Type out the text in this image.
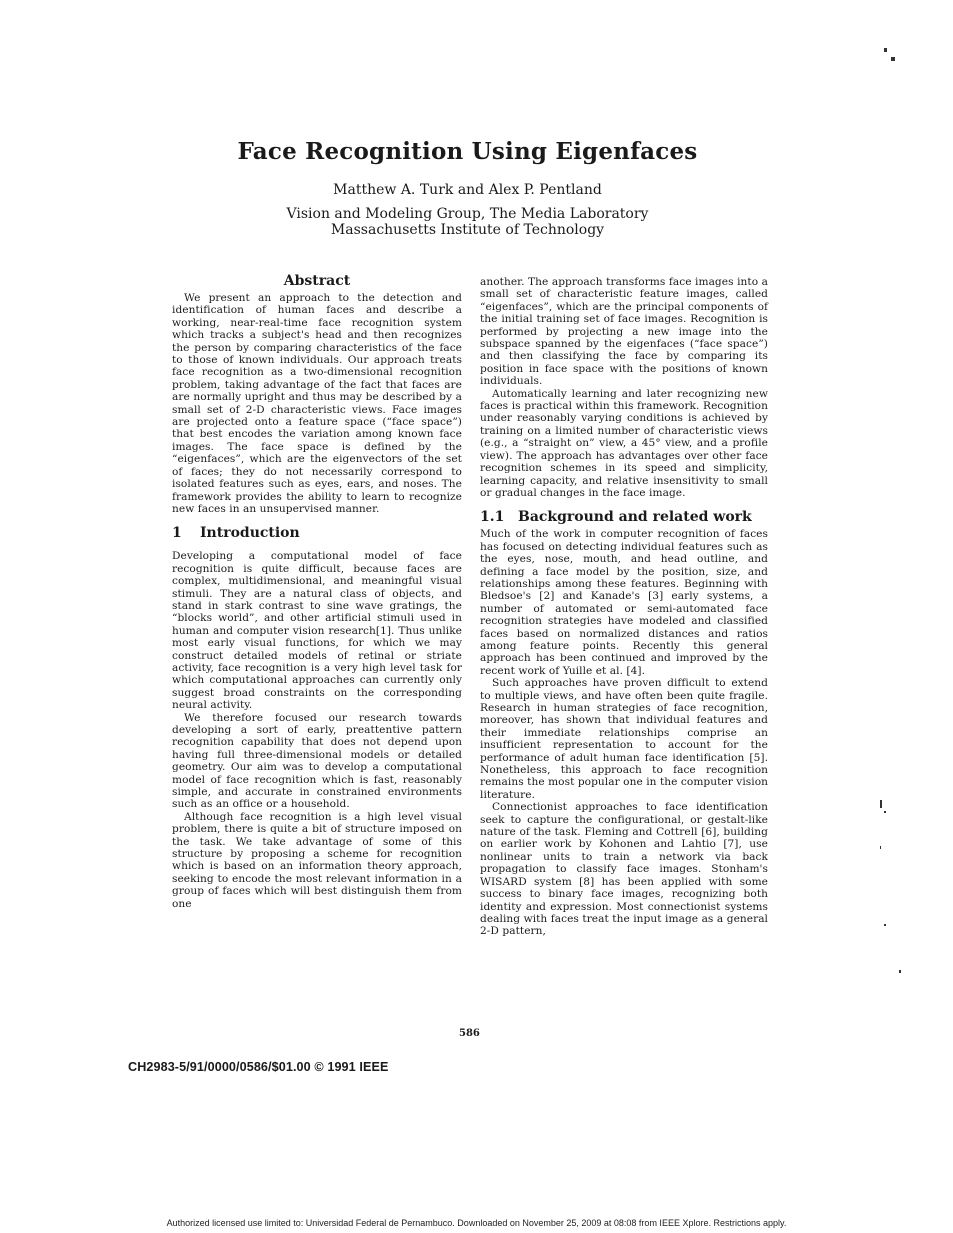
Face Recognition Using Eigenfaces
Matthew A. Turk and Alex P. Pentland
Vision and Modeling Group, The Media Laboratory
Massachusetts Institute of Technology
Abstract

We present an approach to the detection and identification of human faces and describe a working, near-real-time face recognition system which tracks a subject's head and then recognizes the person by comparing characteristics of the face to those of known individuals. Our approach treats face recognition as a two-dimensional recognition problem, taking advantage of the fact that faces are are normally upright and thus may be described by a small set of 2-D characteristic views. Face images are projected onto a feature space (“face space”) that best encodes the variation among known face images. The face space is defined by the “eigenfaces”, which are the eigenvectors of the set of faces; they do not necessarily correspond to isolated features such as eyes, ears, and noses. The framework provides the ability to learn to recognize new faces in an unsupervised manner.

1 Introduction

Developing a computational model of face recognition is quite difficult, because faces are complex, multidimensional, and meaningful visual stimuli. They are a natural class of objects, and stand in stark contrast to sine wave gratings, the “blocks world”, and other artificial stimuli used in human and computer vision research[1]. Thus unlike most early visual functions, for which we may construct detailed models of retinal or striate activity, face recognition is a very high level task for which computational approaches can currently only suggest broad constraints on the corresponding neural activity.

We therefore focused our research towards developing a sort of early, preattentive pattern recognition capability that does not depend upon having full three-dimensional models or detailed geometry. Our aim was to develop a computational model of face recognition which is fast, reasonably simple, and accurate in constrained environments such as an office or a household.

Although face recognition is a high level visual problem, there is quite a bit of structure imposed on the task. We take advantage of some of this structure by proposing a scheme for recognition which is based on an information theory approach, seeking to encode the most relevant information in a group of faces which will best distinguish them from one

another. The approach transforms face images into a small set of characteristic feature images, called “eigenfaces”, which are the principal components of the initial training set of face images. Recognition is performed by projecting a new image into the subspace spanned by the eigenfaces (“face space”) and then classifying the face by comparing its position in face space with the positions of known individuals.

Automatically learning and later recognizing new faces is practical within this framework. Recognition under reasonably varying conditions is achieved by training on a limited number of characteristic views (e.g., a “straight on” view, a 45° view, and a profile view). The approach has advantages over other face recognition schemes in its speed and simplicity, learning capacity, and relative insensitivity to small or gradual changes in the face image.

1.1 Background and related work

Much of the work in computer recognition of faces has focused on detecting individual features such as the eyes, nose, mouth, and head outline, and defining a face model by the position, size, and relationships among these features. Beginning with Bledsoe's [2] and Kanade's [3] early systems, a number of automated or semi-automated face recognition strategies have modeled and classified faces based on normalized distances and ratios among feature points. Recently this general approach has been continued and improved by the recent work of Yuille et al. [4].

Such approaches have proven difficult to extend to multiple views, and have often been quite fragile. Research in human strategies of face recognition, moreover, has shown that individual features and their immediate relationships comprise an insufficient representation to account for the performance of adult human face identification [5]. Nonetheless, this approach to face recognition remains the most popular one in the computer vision literature.

Connectionist approaches to face identification seek to capture the configurational, or gestalt-like nature of the task. Fleming and Cottrell [6], building on earlier work by Kohonen and Lahtio [7], use nonlinear units to train a network via back propagation to classify face images. Stonham's WISARD system [8] has been applied with some success to binary face images, recognizing both identity and expression. Most connectionist systems dealing with faces treat the input image as a general 2-D pattern,

586
CH2983-5/91/0000/0586/$01.00 © 1991 IEEE
Authorized licensed use limited to: Universidad Federal de Pernambuco. Downloaded on November 25, 2009 at 08:08 from IEEE Xplore. Restrictions apply.
